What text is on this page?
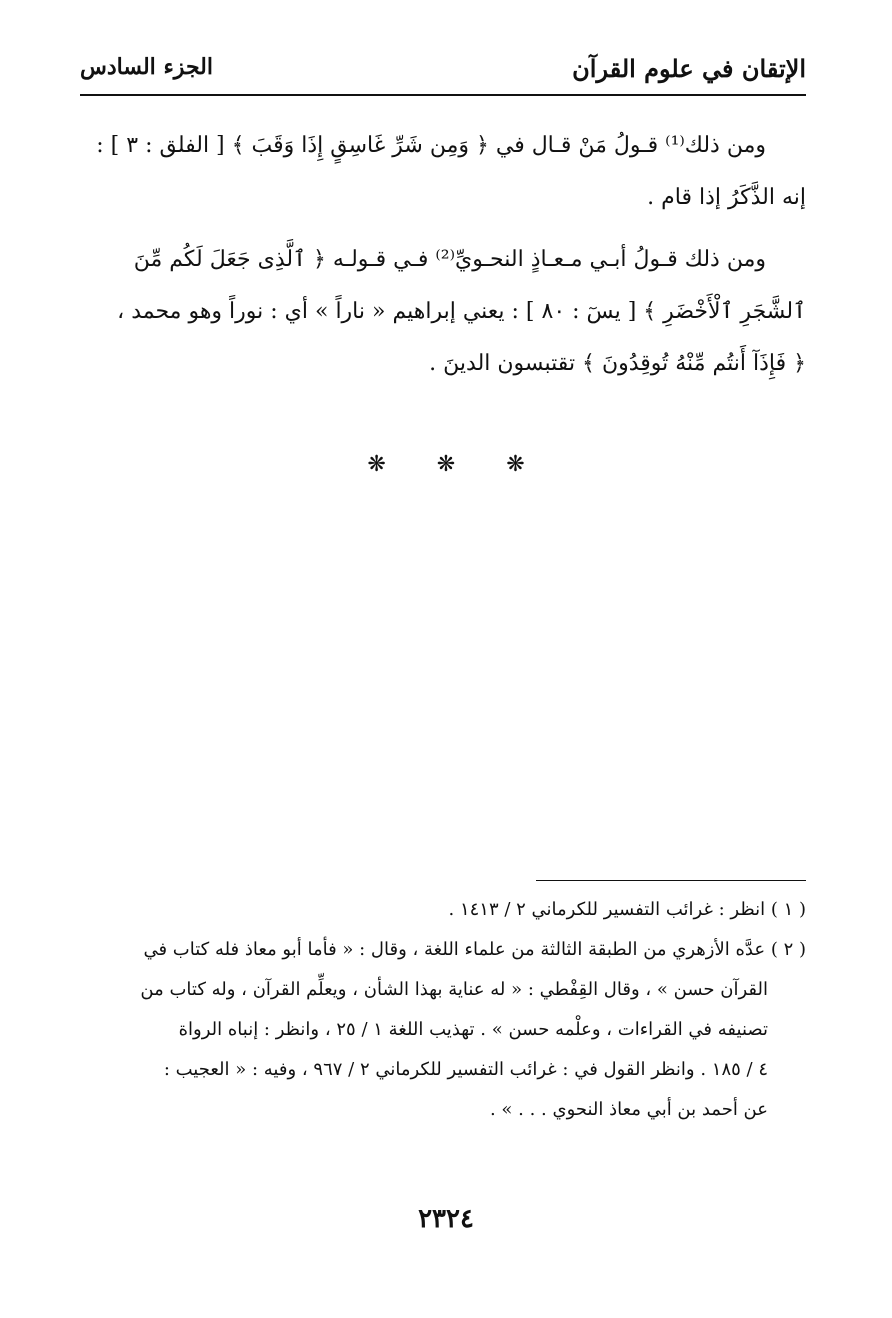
الإتقان في علوم القرآن
الجزء السادس

ومن ذلك⁽¹⁾ قـولُ مَنْ قـال في ﴿ وَمِن شَرِّ غَاسِقٍ إِذَا وَقَبَ ﴾ [ الفلق : ٣ ] :
إنه الذَّكَرُ إذا قام .

ومن ذلك قـولُ أبـي مـعـاذٍ النحـويِّ⁽²⁾ فـي قـولـه ﴿ ٱلَّذِى جَعَلَ لَكُم مِّنَ
ٱلشَّجَرِ ٱلْأَخْضَرِ ﴾ [ يسٓ : ٨٠ ] : يعني إبراهيم « ناراً » أي : نوراً وهو محمد ،
﴿ فَإِذَآ أَنتُم مِّنْهُ تُوقِدُونَ ﴾ تقتبسون الدينَ .

❋ ❋ ❋

( ١ ) انظر : غرائب التفسير للكرماني ٢ / ١٤١٣ .

( ٢ ) عدَّه الأزهري من الطبقة الثالثة من علماء اللغة ، وقال : « فأما أبو معاذ فله كتاب في
القرآن حسن » ، وقال القِفْطي : « له عناية بهذا الشأن ، ويعلِّم القرآن ، وله كتاب من
تصنيفه في القراءات ، وعلْمه حسن » . تهذيب اللغة ١ / ٢٥ ، وانظر : إنباه الرواة
٤ / ١٨٥ . وانظر القول في : غرائب التفسير للكرماني ٢ / ٩٦٧ ، وفيه : « العجيب :
عن أحمد بن أبي معاذ النحوي . . . » .

٢٣٢٤
